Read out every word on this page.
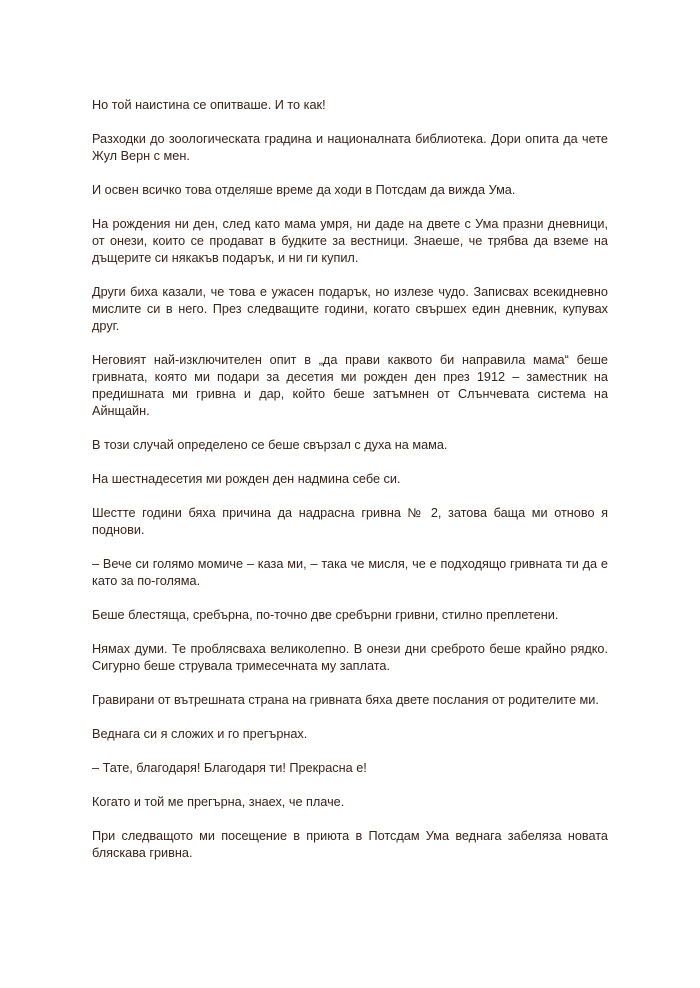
Но той наистина се опитваше. И то как!

Разходки до зоологическата градина и националната библиотека. Дори опита да чете Жул Верн с мен.

И освен всичко това отделяше време да ходи в Потсдам да вижда Ума.

На рождения ни ден, след като мама умря, ни даде на двете с Ума празни дневници, от онези, които се продават в будките за вестници. Знаеше, че трябва да вземе на дъщерите си някакъв подарък, и ни ги купил.

Други биха казали, че това е ужасен подарък, но излезе чудо. Записвах всекидневно мислите си в него. През следващите години, когато свършех един дневник, купувах друг.

Неговият най-изключителен опит в „да прави каквото би направила мама“ беше гривната, която ми подари за десетия ми рожден ден през 1912 – заместник на предишната ми гривна и дар, който беше затъмнен от Слънчевата система на Айнщайн.

В този случай определено се беше свързал с духа на мама.

На шестнадесетия ми рожден ден надмина себе си.

Шестте години бяха причина да надрасна гривна № 2, затова баща ми отново я поднови.

– Вече си голямо момиче – каза ми, – така че мисля, че е подходящо гривната ти да е като за по-голяма.

Беше блестяща, сребърна, по-точно две сребърни гривни, стилно преплетени.

Нямах думи. Те проблясваха великолепно. В онези дни среброто беше крайно рядко. Сигурно беше струвала тримесечната му заплата.

Гравирани от вътрешната страна на гривната бяха двете послания от родителите ми.

Веднага си я сложих и го прегърнах.

– Тате, благодаря! Благодаря ти! Прекрасна е!

Когато и той ме прегърна, знаех, че плаче.

При следващото ми посещение в приюта в Потсдам Ума веднага забеляза новата бляскава гривна.
